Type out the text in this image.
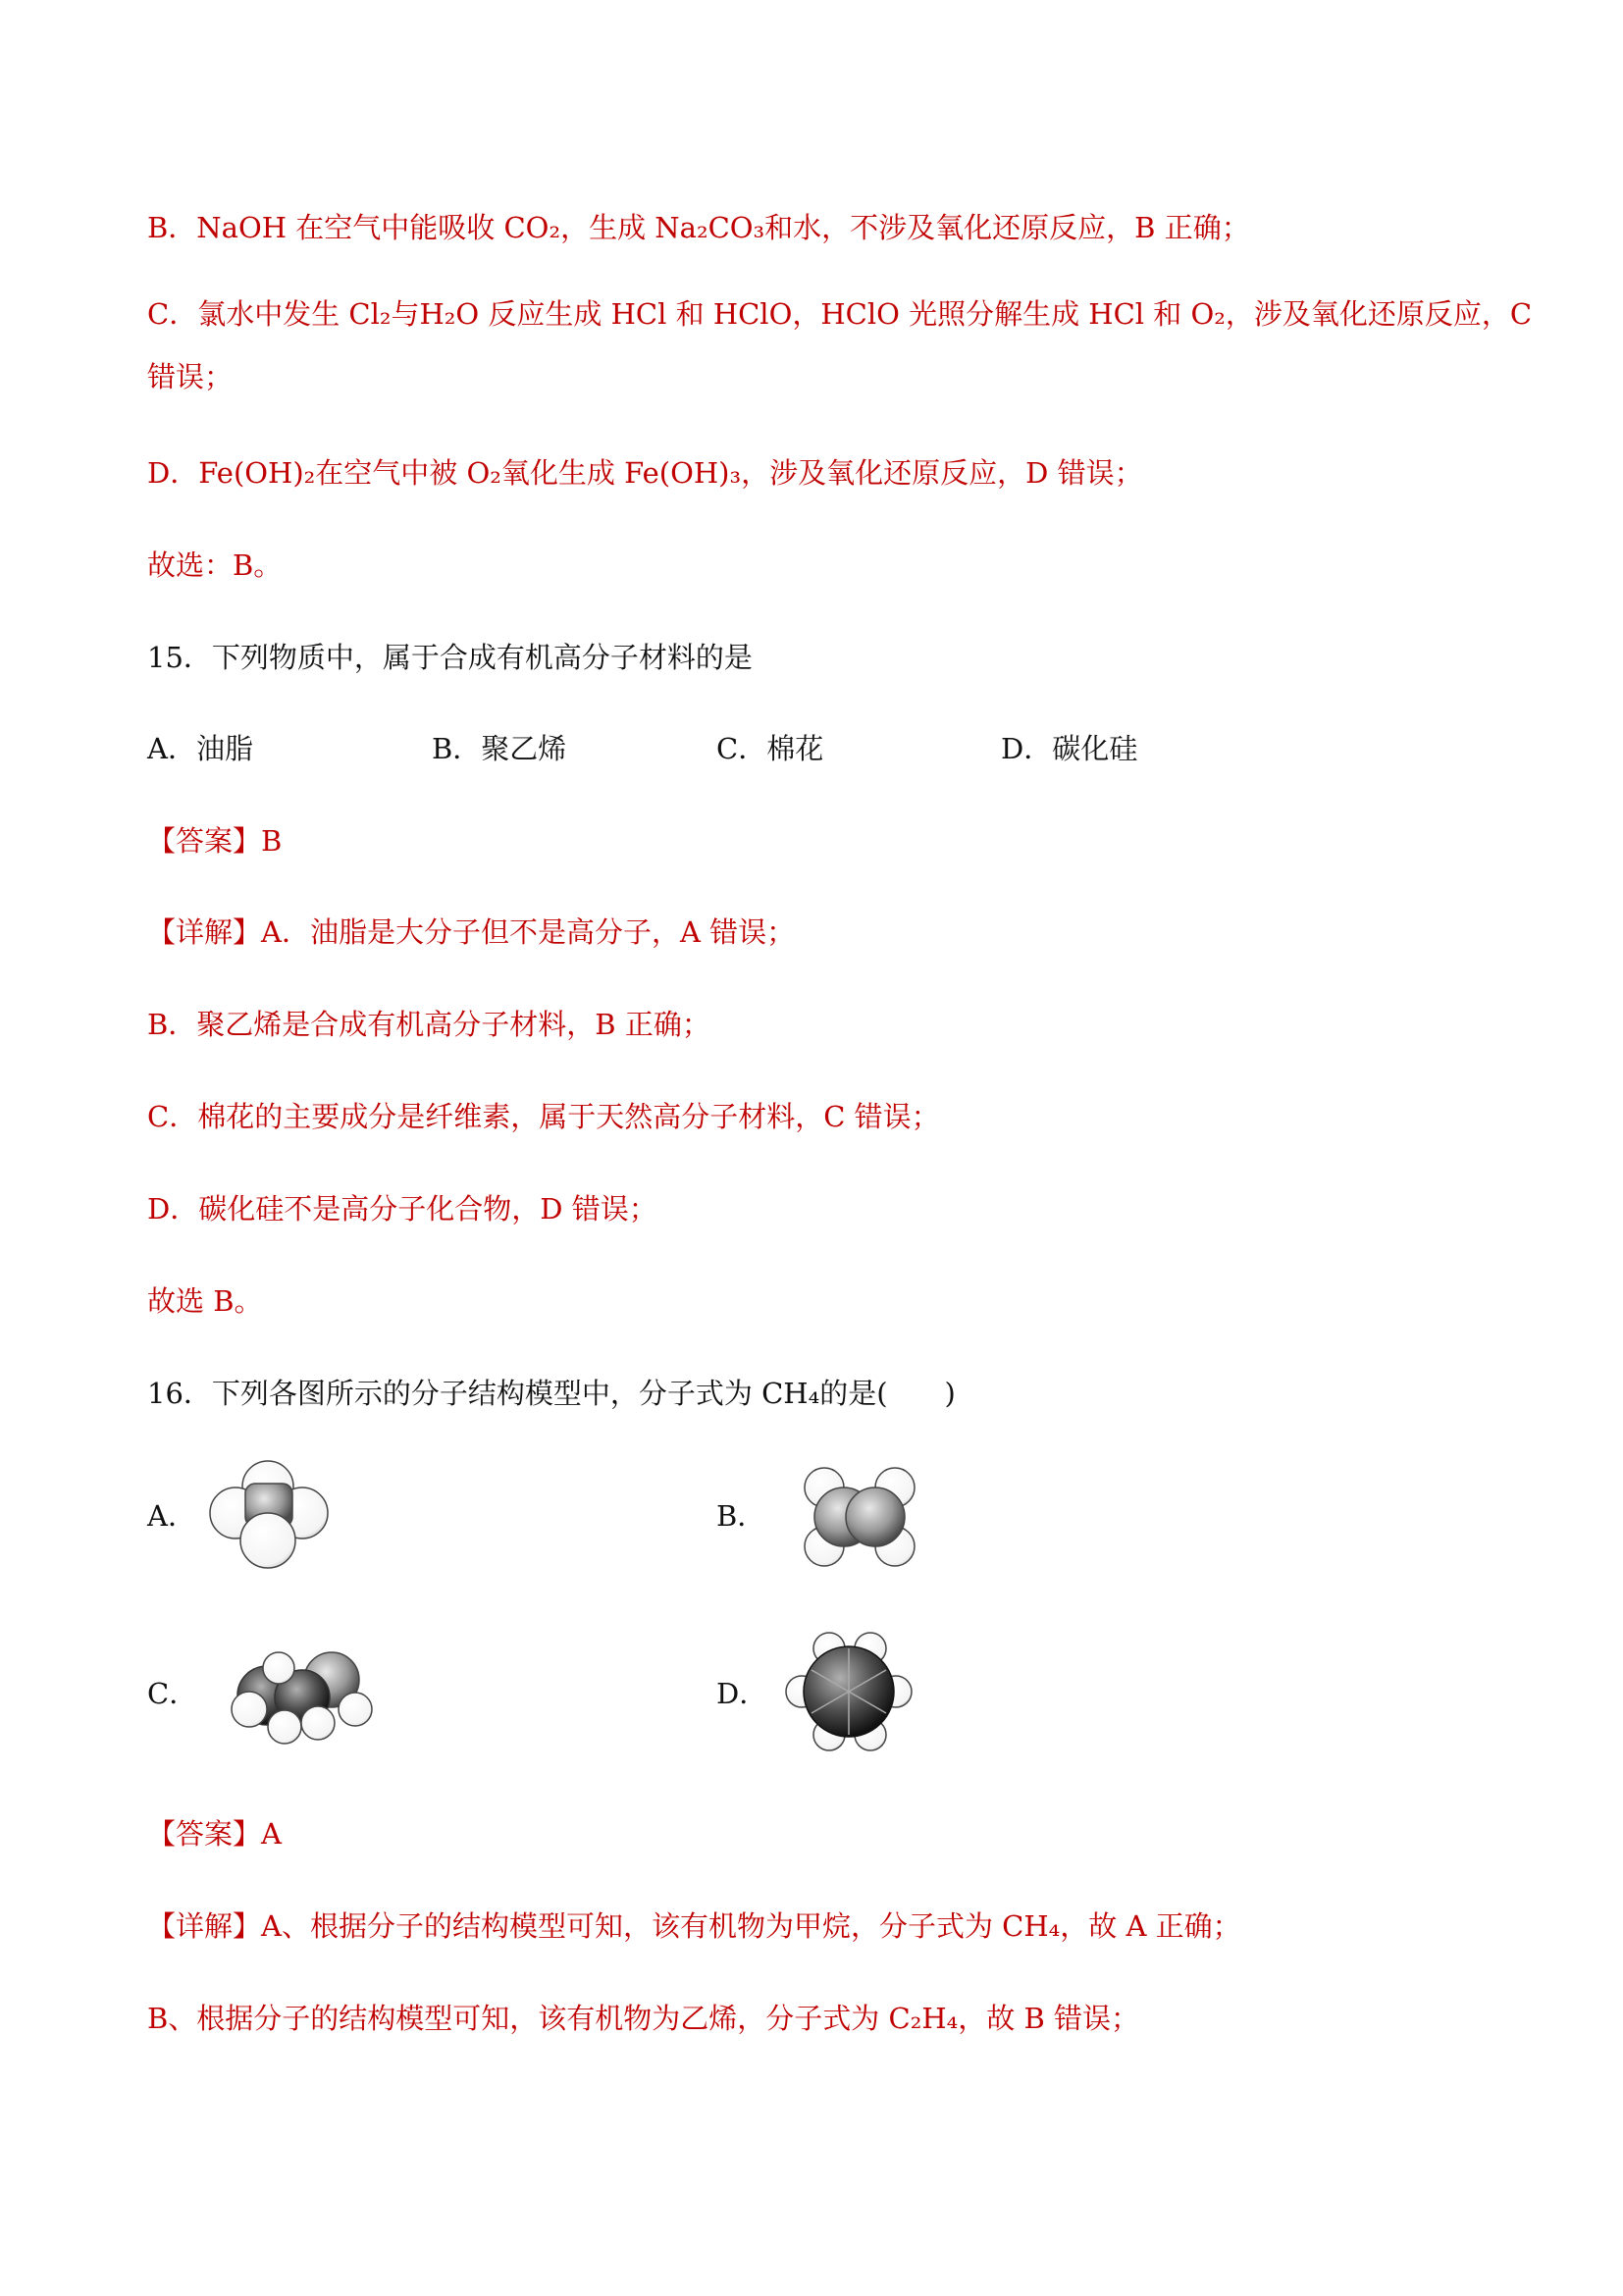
B．NaOH 在空气中能吸收 CO₂，生成 Na₂CO₃和水，不涉及氧化还原反应，B 正确；
C．氯水中发生 Cl₂与H₂O 反应生成 HCl 和 HClO，HClO 光照分解生成 HCl 和 O₂，涉及氧化还原反应，C
错误；
D．Fe(OH)₂在空气中被 O₂氧化生成 Fe(OH)₃，涉及氧化还原反应，D 错误；
故选：B。
15．下列物质中，属于合成有机高分子材料的是
A．油脂	B．聚乙烯	C．棉花	D．碳化硅
【答案】B
【详解】A．油脂是大分子但不是高分子，A 错误；
B．聚乙烯是合成有机高分子材料，B 正确；
C．棉花的主要成分是纤维素，属于天然高分子材料，C 错误；
D．碳化硅不是高分子化合物，D 错误；
故选 B。
16．下列各图所示的分子结构模型中，分子式为 CH₄的是(　　)
A．	B．
C．	D．
【答案】A
【详解】A、根据分子的结构模型可知，该有机物为甲烷，分子式为 CH₄，故 A 正确；
B、根据分子的结构模型可知，该有机物为乙烯，分子式为 C₂H₄，故 B 错误；
